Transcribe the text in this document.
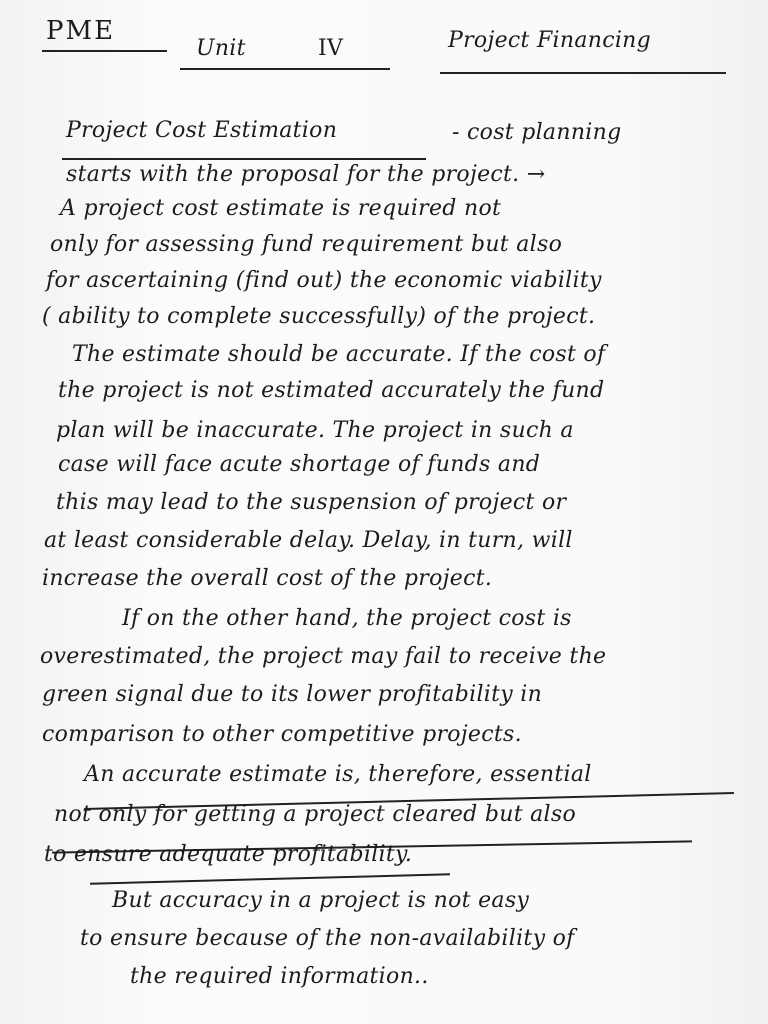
PME
Unit	IV	Project Financing
Project Cost Estimation	- cost planning
starts with the proposal for the project. →
A project cost estimate is required not
only for assessing fund requirement but also
for ascertaining (find out) the economic viability
( ability to complete successfully) of the project.
The estimate should be accurate. If the cost of
the project is not estimated accurately the fund
plan will be inaccurate. The project in such a
case will face acute shortage of funds and
this may lead to the suspension of project or
at least considerable delay. Delay, in turn, will
increase the overall cost of the project.
If on the other hand, the project cost is
overestimated, the project may fail to receive the
green signal due to its lower profitability in
comparison to other competitive projects.
An accurate estimate is, therefore, essential
not only for getting a project cleared but also
to ensure adequate profitability.
But accuracy in a project is not easy
to ensure because of the non-availability of
the required information..
